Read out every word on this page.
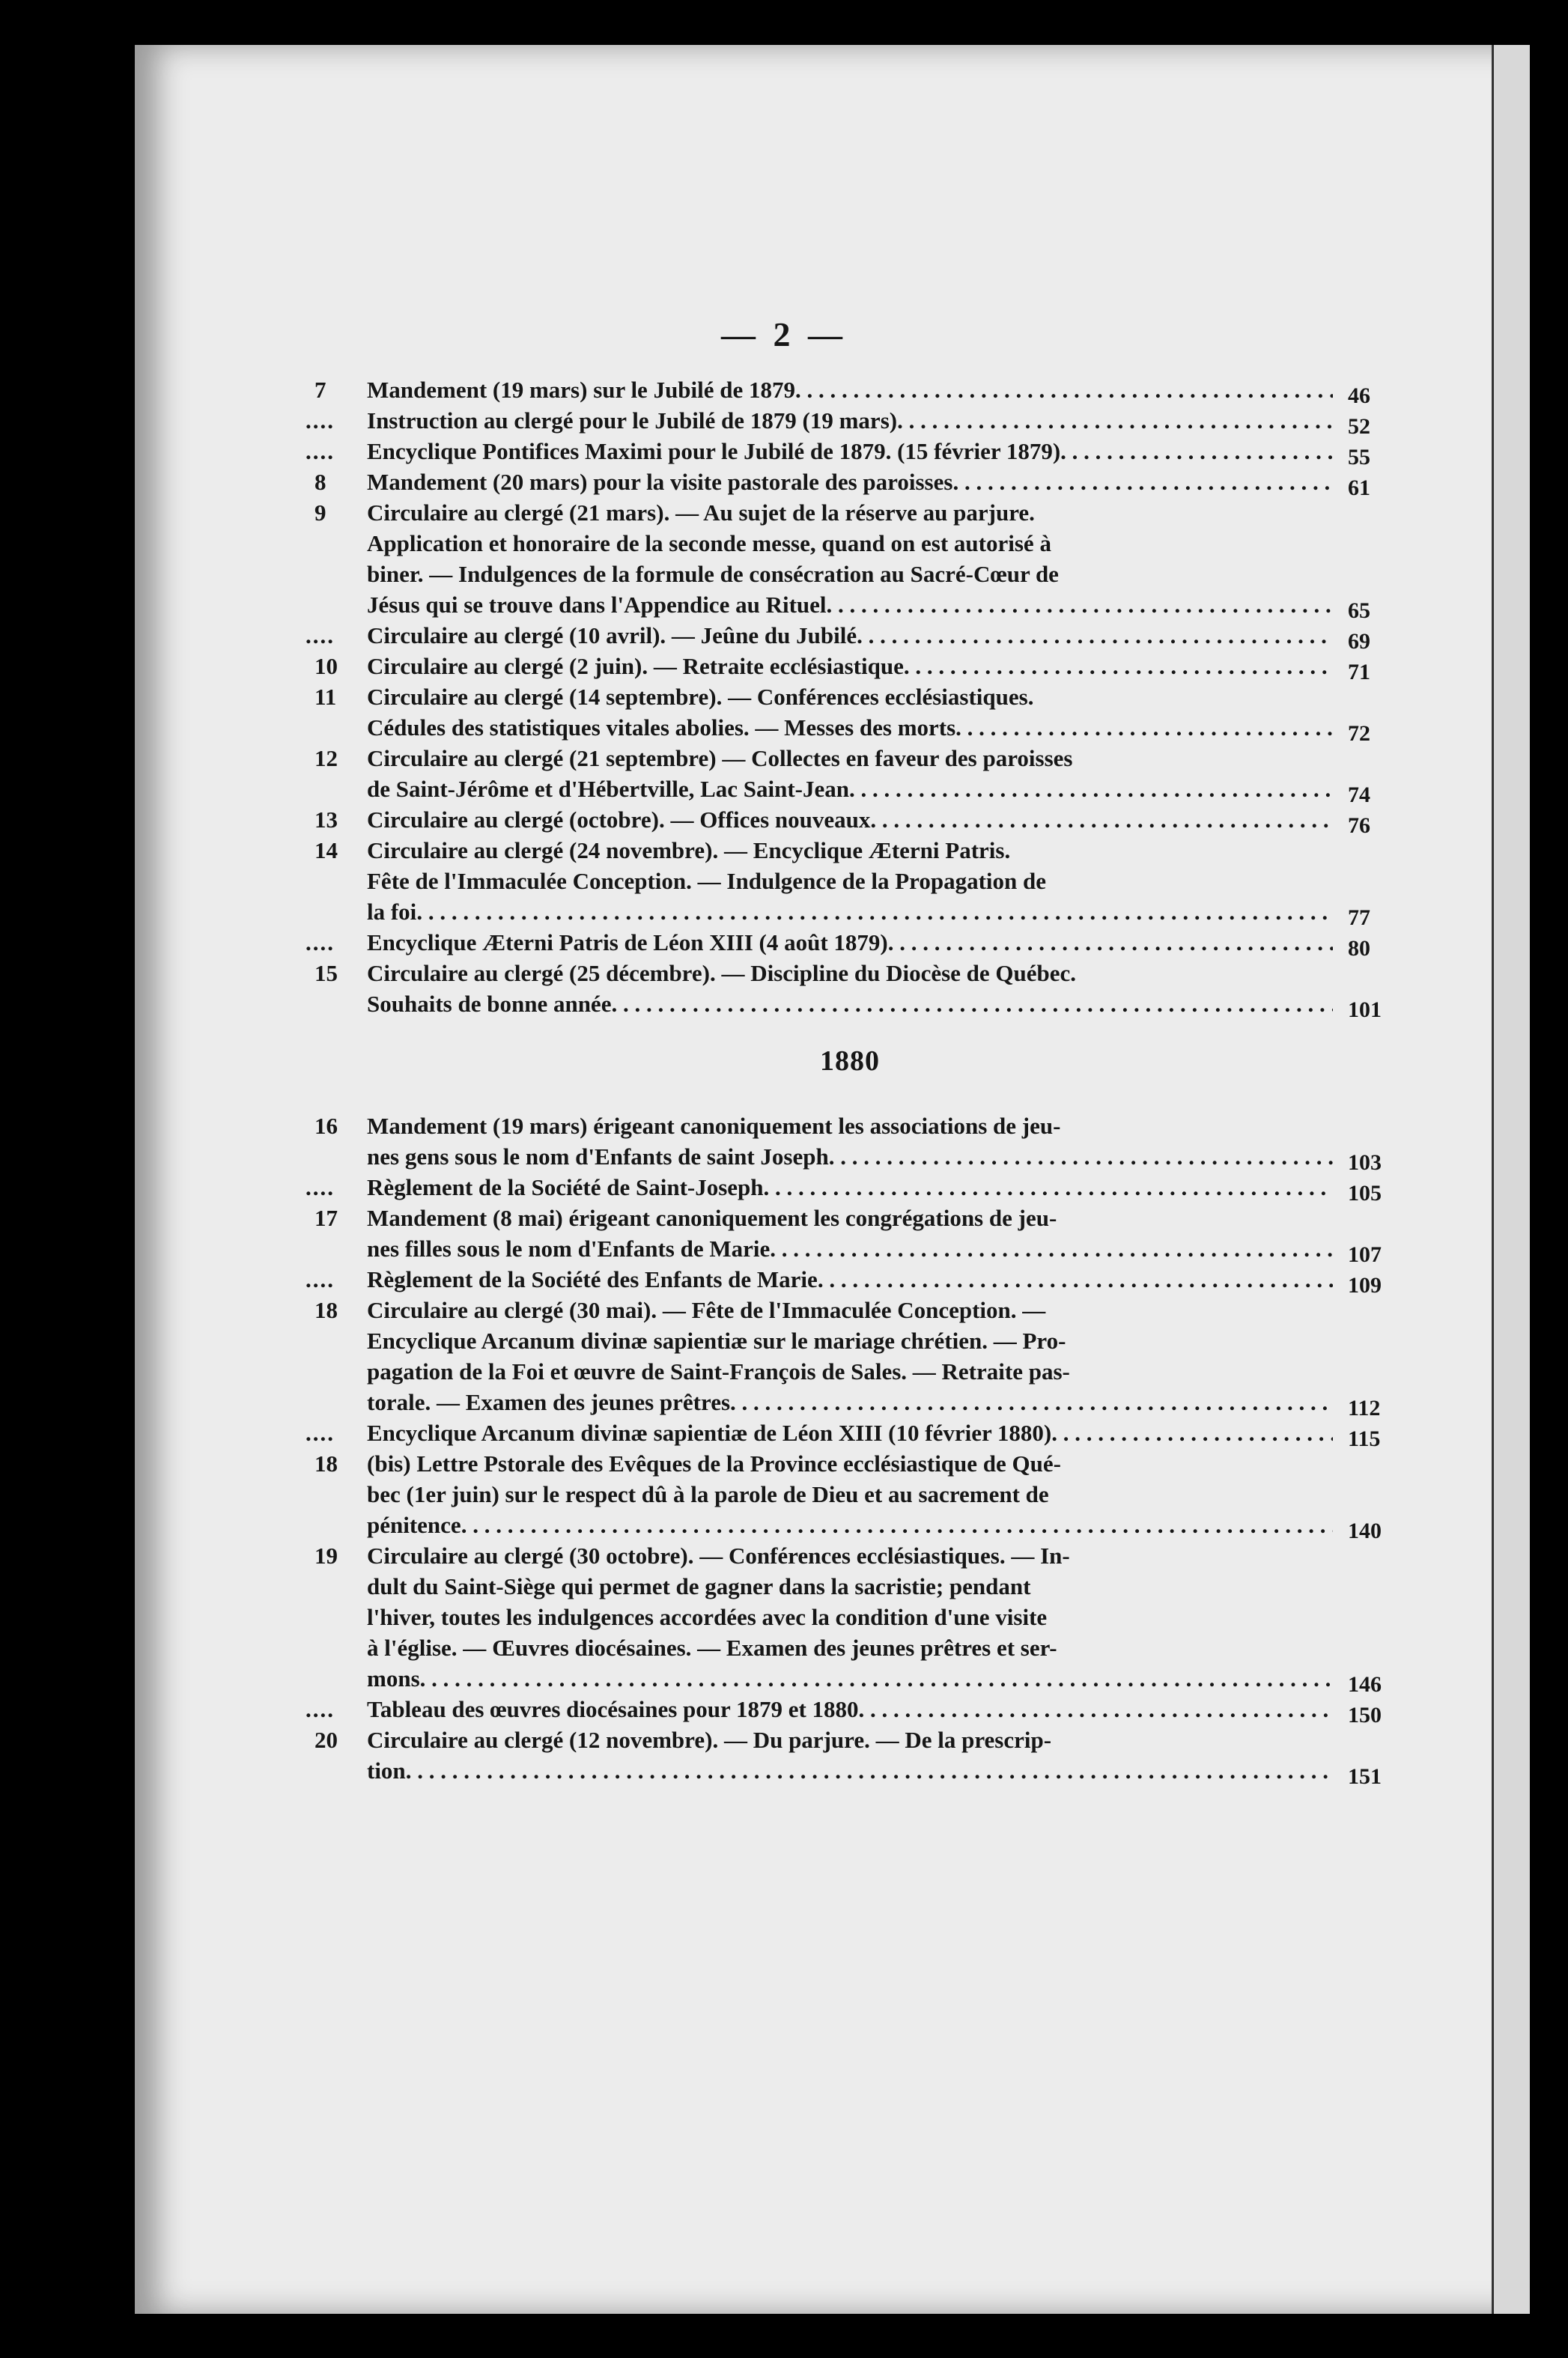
— 2 —
7	Mandement (19 mars) sur le Jubilé de 1879 . . .	46
....	Instruction au clergé pour le Jubilé de 1879 (19 mars) . . .	52
....	Encyclique Pontifices Maximi pour le Jubilé de 1879. (15 février 1879) . . .	55
8	Mandement (20 mars) pour la visite pastorale des paroisses . . .	61
9	Circulaire au clergé (21 mars). — Au sujet de la réserve au parjure.
Application et honoraire de la seconde messe, quand on est autorisé à
biner. — Indulgences de la formule de consécration au Sacré-Cœur de
Jésus qui se trouve dans l'Appendice au Rituel . . .	65
....	Circulaire au clergé (10 avril). — Jeûne du Jubilé . . .	69
10	Circulaire au clergé (2 juin). — Retraite ecclésiastique . . .	71
11	Circulaire au clergé (14 septembre). — Conférences ecclésiastiques.
Cédules des statistiques vitales abolies. — Messes des morts . . .	72
12	Circulaire au clergé (21 septembre) — Collectes en faveur des paroisses
de Saint-Jérôme et d'Hébertville, Lac Saint-Jean . . .	74
13	Circulaire au clergé (octobre). — Offices nouveaux . . .	76
14	Circulaire au clergé (24 novembre). — Encyclique Æterni Patris.
Fête de l'Immaculée Conception. — Indulgence de la Propagation de
la foi . . .	77
....	Encyclique Æterni Patris de Léon XIII (4 août 1879) . . .	80
15	Circulaire au clergé (25 décembre). — Discipline du Diocèse de Québec.
Souhaits de bonne année . . .	101
1880
16	Mandement (19 mars) érigeant canoniquement les associations de jeu-
nes gens sous le nom d'Enfants de saint Joseph . . .	103
....	Règlement de la Société de Saint-Joseph . . .	105
17	Mandement (8 mai) érigeant canoniquement les congrégations de jeu-
nes filles sous le nom d'Enfants de Marie . . .	107
....	Règlement de la Société des Enfants de Marie . . .	109
18	Circulaire au clergé (30 mai). — Fête de l'Immaculée Conception. —
Encyclique Arcanum divinæ sapientiæ sur le mariage chrétien. — Pro-
pagation de la Foi et œuvre de Saint-François de Sales. — Retraite pas-
torale. — Examen des jeunes prêtres . . .	112
....	Encyclique Arcanum divinæ sapientiæ de Léon XIII (10 février 1880) . . .	115
18	(bis) Lettre Pstorale des Evêques de la Province ecclésiastique de Qué-
bec (1er juin) sur le respect dû à la parole de Dieu et au sacrement de
pénitence . . .	140
19	Circulaire au clergé (30 octobre). — Conférences ecclésiastiques. — In-
dult du Saint-Siège qui permet de gagner dans la sacristie; pendant
l'hiver, toutes les indulgences accordées avec la condition d'une visite
à l'église. — Œuvres diocésaines. — Examen des jeunes prêtres et ser-
mons . . .	146
....	Tableau des œuvres diocésaines pour 1879 et 1880 . . .	150
20	Circulaire au clergé (12 novembre). — Du parjure. — De la prescrip-
tion . . .	151
